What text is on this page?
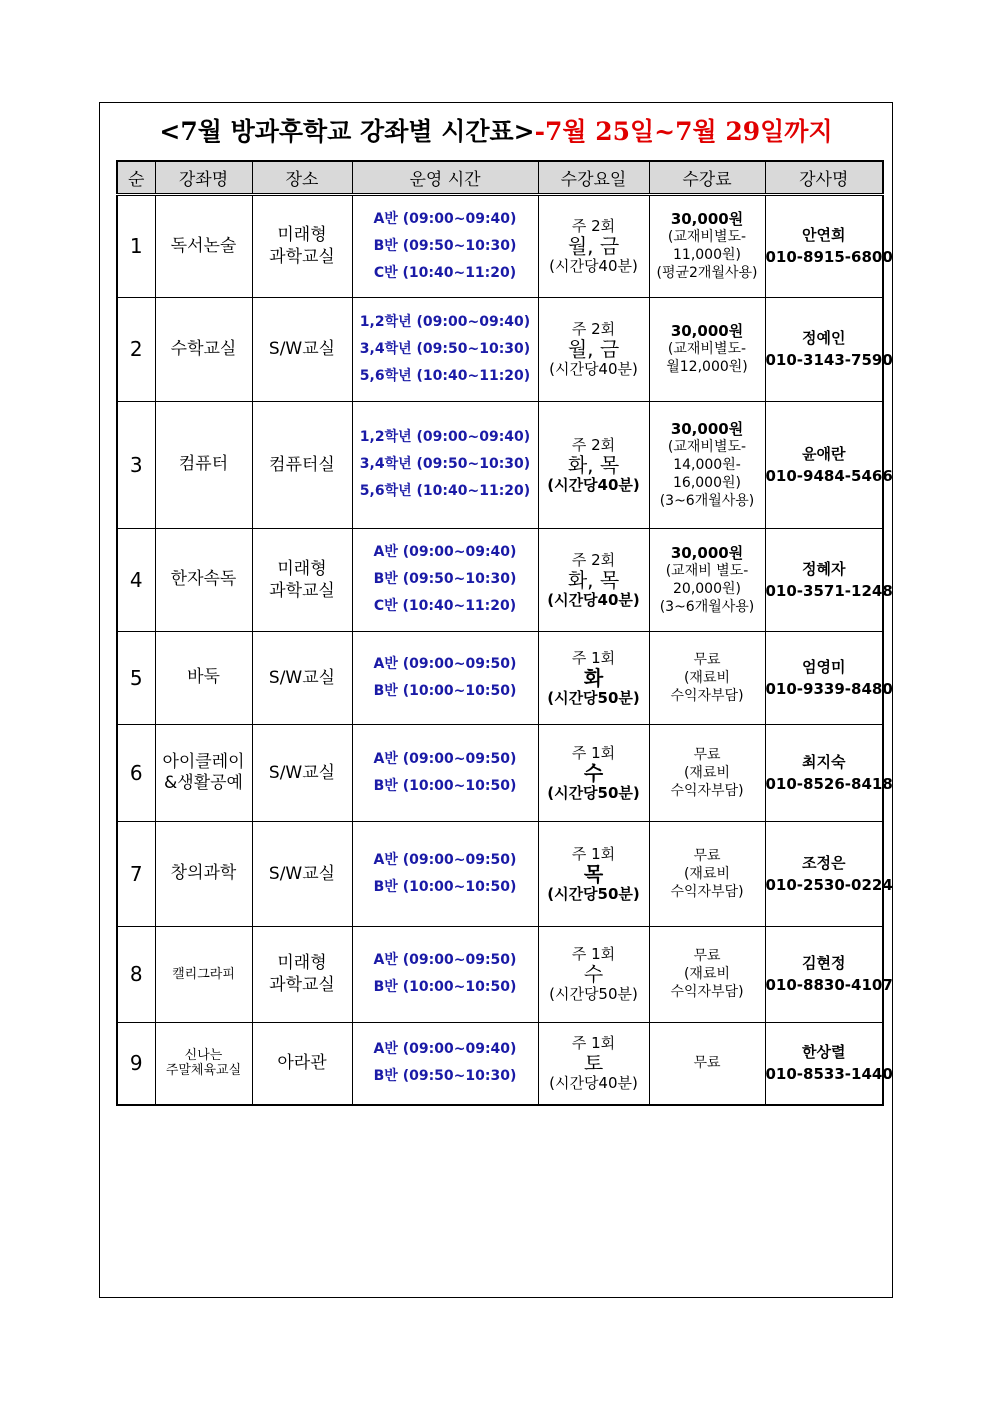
<7월 방과후학교 강좌별 시간표>-7월 25일~7월 29일까지
순	강좌명	장소	운영 시간	수강요일	수강료	강사명
1	독서논술	미래형
과학교실	A반 (09:00~09:40)
B반 (09:50~10:30)
C반 (10:40~11:20)	주 2회
월, 금
(시간당40분)	30,000원
(교재비별도-
11,000원)
(평균2개월사용)	안연희
010-8915-6800

2	수학교실	S/W교실	1,2학년 (09:00~09:40)
3,4학년 (09:50~10:30)
5,6학년 (10:40~11:20)	주 2회
월, 금
(시간당40분)	30,000원
(교재비별도-
월12,000원)	정예인
010-3143-7590

3	컴퓨터	컴퓨터실	1,2학년 (09:00~09:40)
3,4학년 (09:50~10:30)
5,6학년 (10:40~11:20)	주 2회
화, 목
(시간당40분)	30,000원
(교재비별도-
14,000원-
16,000원)
(3~6개월사용)	윤애란
010-9484-5466

4	한자속독	미래형
과학교실	A반 (09:00~09:40)
B반 (09:50~10:30)
C반 (10:40~11:20)	주 2회
화, 목
(시간당40분)	30,000원
(교재비 별도-
20,000원)
(3~6개월사용)	정혜자
010-3571-1248

5	바둑	S/W교실	A반 (09:00~09:50)
B반 (10:00~10:50)	주 1회
화
(시간당50분)	무료
(재료비
수익자부담)	엄영미
010-9339-8480

6	아이클레이
&생활공예	S/W교실	A반 (09:00~09:50)
B반 (10:00~10:50)	주 1회
수
(시간당50분)	무료
(재료비
수익자부담)	최지숙
010-8526-8418

7	창의과학	S/W교실	A반 (09:00~09:50)
B반 (10:00~10:50)	주 1회
목
(시간당50분)	무료
(재료비
수익자부담)	조정은
010-2530-0224

8	캘리그라피	미래형
과학교실	A반 (09:00~09:50)
B반 (10:00~10:50)	주 1회
수
(시간당50분)	무료
(재료비
수익자부담)	김현정
010-8830-4107

9	신나는
주말체육교실	아라관	A반 (09:00~09:40)
B반 (09:50~10:30)	주 1회
토
(시간당40분)	무료	한상렬
010-8533-1440
